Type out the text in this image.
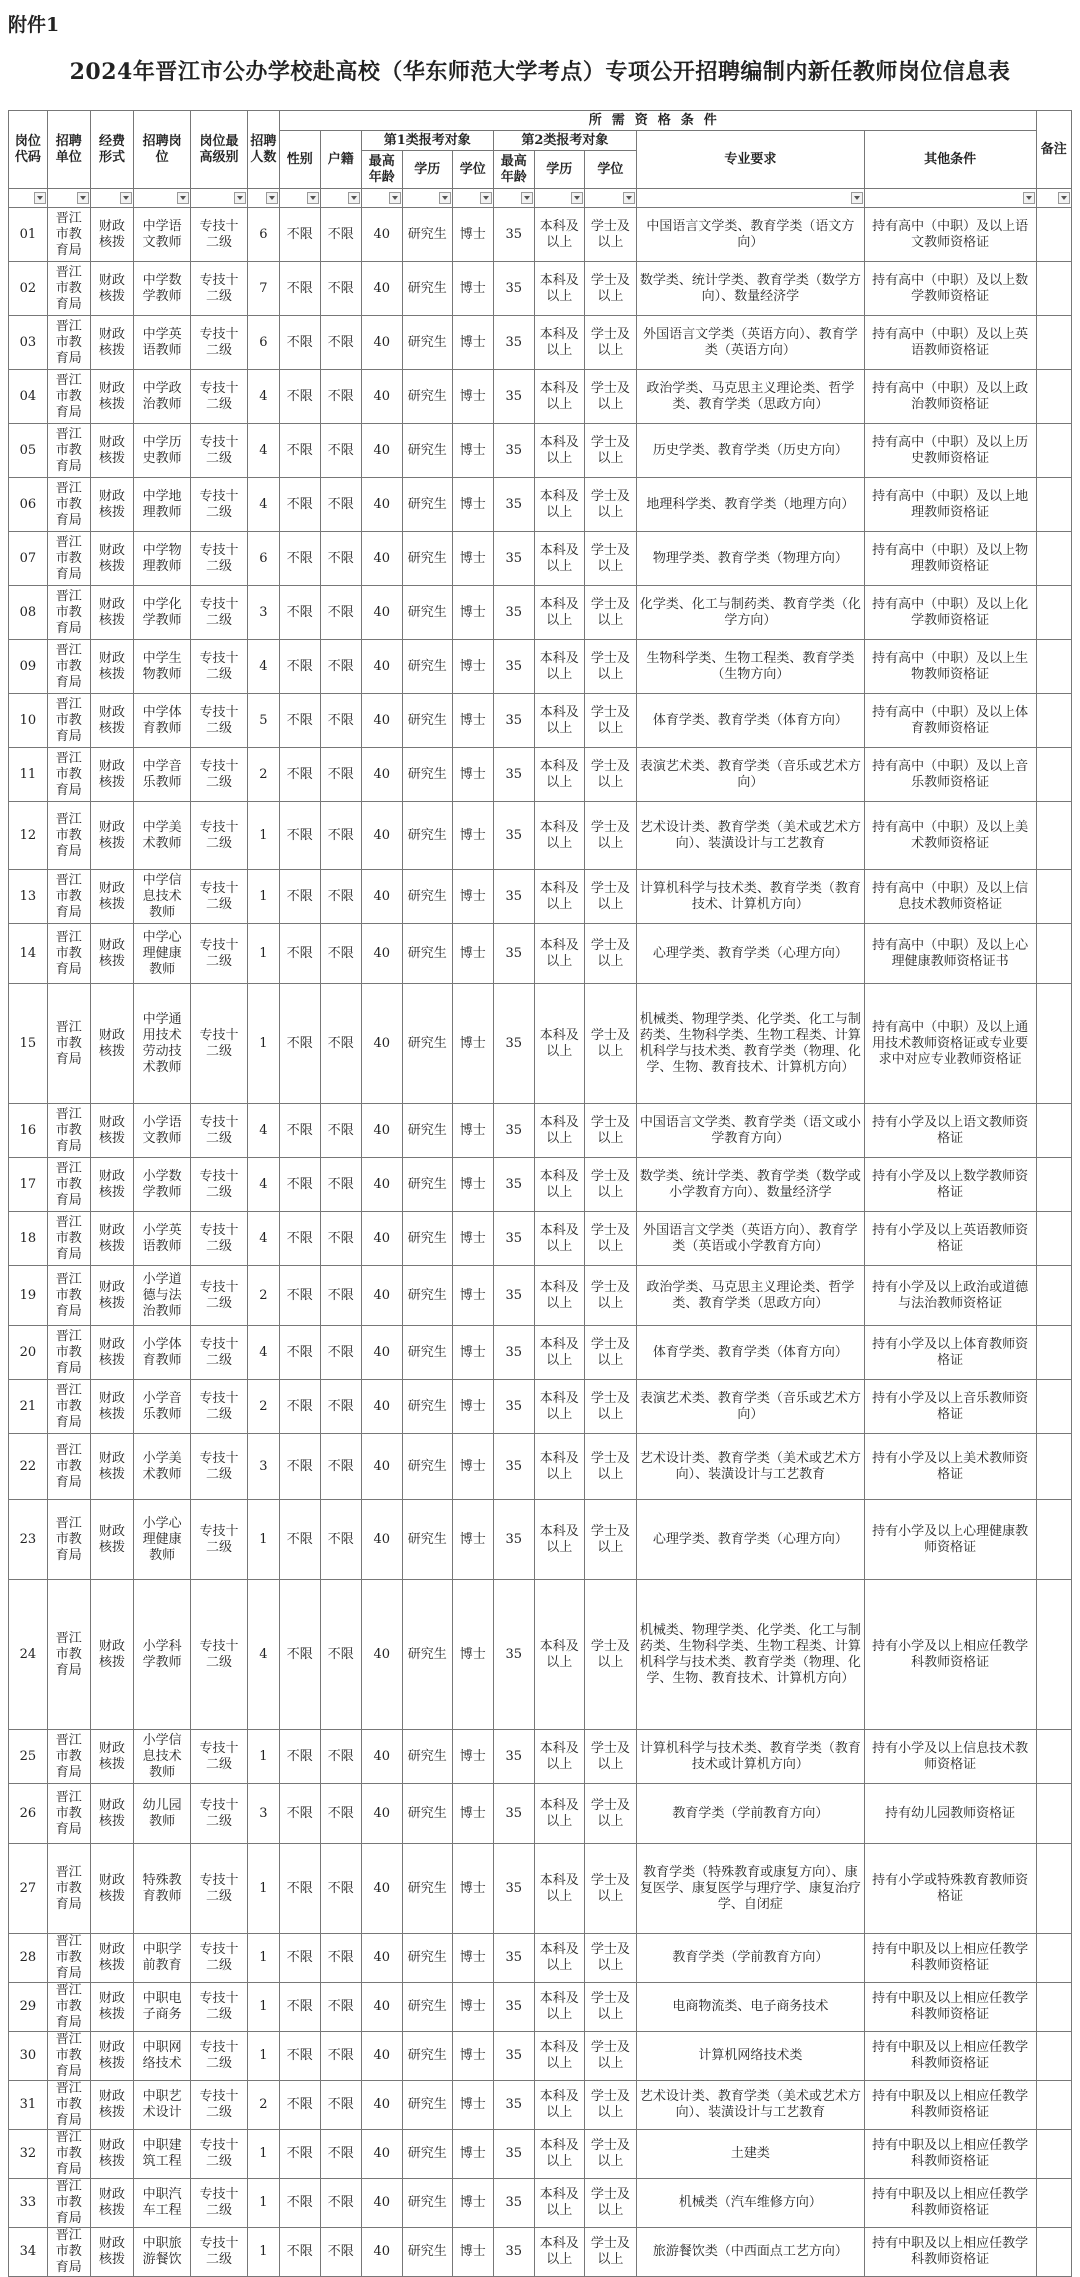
附件1
2024年晋江市公办学校赴高校（华东师范大学考点）专项公开招聘编制内新任教师岗位信息表
岗位代码	招聘单位	经费形式	招聘岗位	岗位最高级别	招聘人数	所需资格条件										备注
						性别	户籍	第1类报考对象			第2类报考对象			专业要求	其他条件	
								最高年龄	学历	学位	最高年龄	学历	学位			

01	晋江市教育局	财政核拨	中学语文教师	专技十二级	6	不限	不限	40	研究生	博士	35	本科及以上	学士及以上	中国语言文学类、教育学类（语文方向）	持有高中（中职）及以上语文教师资格证	
02	晋江市教育局	财政核拨	中学数学教师	专技十二级	7	不限	不限	40	研究生	博士	35	本科及以上	学士及以上	数学类、统计学类、教育学类（数学方向）、数量经济学	持有高中（中职）及以上数学教师资格证	
03	晋江市教育局	财政核拨	中学英语教师	专技十二级	6	不限	不限	40	研究生	博士	35	本科及以上	学士及以上	外国语言文学类（英语方向）、教育学类（英语方向）	持有高中（中职）及以上英语教师资格证	
04	晋江市教育局	财政核拨	中学政治教师	专技十二级	4	不限	不限	40	研究生	博士	35	本科及以上	学士及以上	政治学类、马克思主义理论类、哲学类、教育学类（思政方向）	持有高中（中职）及以上政治教师资格证	
05	晋江市教育局	财政核拨	中学历史教师	专技十二级	4	不限	不限	40	研究生	博士	35	本科及以上	学士及以上	历史学类、教育学类（历史方向）	持有高中（中职）及以上历史教师资格证	
06	晋江市教育局	财政核拨	中学地理教师	专技十二级	4	不限	不限	40	研究生	博士	35	本科及以上	学士及以上	地理科学类、教育学类（地理方向）	持有高中（中职）及以上地理教师资格证	
07	晋江市教育局	财政核拨	中学物理教师	专技十二级	6	不限	不限	40	研究生	博士	35	本科及以上	学士及以上	物理学类、教育学类（物理方向）	持有高中（中职）及以上物理教师资格证	
08	晋江市教育局	财政核拨	中学化学教师	专技十二级	3	不限	不限	40	研究生	博士	35	本科及以上	学士及以上	化学类、化工与制药类、教育学类（化学方向）	持有高中（中职）及以上化学教师资格证	
09	晋江市教育局	财政核拨	中学生物教师	专技十二级	4	不限	不限	40	研究生	博士	35	本科及以上	学士及以上	生物科学类、生物工程类、教育学类（生物方向）	持有高中（中职）及以上生物教师资格证	
10	晋江市教育局	财政核拨	中学体育教师	专技十二级	5	不限	不限	40	研究生	博士	35	本科及以上	学士及以上	体育学类、教育学类（体育方向）	持有高中（中职）及以上体育教师资格证	
11	晋江市教育局	财政核拨	中学音乐教师	专技十二级	2	不限	不限	40	研究生	博士	35	本科及以上	学士及以上	表演艺术类、教育学类（音乐或艺术方向）	持有高中（中职）及以上音乐教师资格证	
12	晋江市教育局	财政核拨	中学美术教师	专技十二级	1	不限	不限	40	研究生	博士	35	本科及以上	学士及以上	艺术设计类、教育学类（美术或艺术方向）、装潢设计与工艺教育	持有高中（中职）及以上美术教师资格证	
13	晋江市教育局	财政核拨	中学信息技术教师	专技十二级	1	不限	不限	40	研究生	博士	35	本科及以上	学士及以上	计算机科学与技术类、教育学类（教育技术、计算机方向）	持有高中（中职）及以上信息技术教师资格证	
14	晋江市教育局	财政核拨	中学心理健康教师	专技十二级	1	不限	不限	40	研究生	博士	35	本科及以上	学士及以上	心理学类、教育学类（心理方向）	持有高中（中职）及以上心理健康教师资格证书	
15	晋江市教育局	财政核拨	中学通用技术劳动技术教师	专技十二级	1	不限	不限	40	研究生	博士	35	本科及以上	学士及以上	机械类、物理学类、化学类、化工与制药类、生物科学类、生物工程类、计算机科学与技术类、教育学类（物理、化学、生物、教育技术、计算机方向）	持有高中（中职）及以上通用技术教师资格证或专业要求中对应专业教师资格证	
16	晋江市教育局	财政核拨	小学语文教师	专技十二级	4	不限	不限	40	研究生	博士	35	本科及以上	学士及以上	中国语言文学类、教育学类（语文或小学教育方向）	持有小学及以上语文教师资格证	
17	晋江市教育局	财政核拨	小学数学教师	专技十二级	4	不限	不限	40	研究生	博士	35	本科及以上	学士及以上	数学类、统计学类、教育学类（数学或小学教育方向）、数量经济学	持有小学及以上数学教师资格证	
18	晋江市教育局	财政核拨	小学英语教师	专技十二级	4	不限	不限	40	研究生	博士	35	本科及以上	学士及以上	外国语言文学类（英语方向）、教育学类（英语或小学教育方向）	持有小学及以上英语教师资格证	
19	晋江市教育局	财政核拨	小学道德与法治教师	专技十二级	2	不限	不限	40	研究生	博士	35	本科及以上	学士及以上	政治学类、马克思主义理论类、哲学类、教育学类（思政方向）	持有小学及以上政治或道德与法治教师资格证	
20	晋江市教育局	财政核拨	小学体育教师	专技十二级	4	不限	不限	40	研究生	博士	35	本科及以上	学士及以上	体育学类、教育学类（体育方向）	持有小学及以上体育教师资格证	
21	晋江市教育局	财政核拨	小学音乐教师	专技十二级	2	不限	不限	40	研究生	博士	35	本科及以上	学士及以上	表演艺术类、教育学类（音乐或艺术方向）	持有小学及以上音乐教师资格证	
22	晋江市教育局	财政核拨	小学美术教师	专技十二级	3	不限	不限	40	研究生	博士	35	本科及以上	学士及以上	艺术设计类、教育学类（美术或艺术方向）、装潢设计与工艺教育	持有小学及以上美术教师资格证	
23	晋江市教育局	财政核拨	小学心理健康教师	专技十二级	1	不限	不限	40	研究生	博士	35	本科及以上	学士及以上	心理学类、教育学类（心理方向）	持有小学及以上心理健康教师资格证	
24	晋江市教育局	财政核拨	小学科学教师	专技十二级	4	不限	不限	40	研究生	博士	35	本科及以上	学士及以上	机械类、物理学类、化学类、化工与制药类、生物科学类、生物工程类、计算机科学与技术类、教育学类（物理、化学、生物、教育技术、计算机方向）	持有小学及以上相应任教学科教师资格证	
25	晋江市教育局	财政核拨	小学信息技术教师	专技十二级	1	不限	不限	40	研究生	博士	35	本科及以上	学士及以上	计算机科学与技术类、教育学类（教育技术或计算机方向）	持有小学及以上信息技术教师资格证	
26	晋江市教育局	财政核拨	幼儿园教师	专技十二级	3	不限	不限	40	研究生	博士	35	本科及以上	学士及以上	教育学类（学前教育方向）	持有幼儿园教师资格证	
27	晋江市教育局	财政核拨	特殊教育教师	专技十二级	1	不限	不限	40	研究生	博士	35	本科及以上	学士及以上	教育学类（特殊教育或康复方向）、康复医学、康复医学与理疗学、康复治疗学、自闭症	持有小学或特殊教育教师资格证	
28	晋江市教育局	财政核拨	中职学前教育	专技十二级	1	不限	不限	40	研究生	博士	35	本科及以上	学士及以上	教育学类（学前教育方向）	持有中职及以上相应任教学科教师资格证	
29	晋江市教育局	财政核拨	中职电子商务	专技十二级	1	不限	不限	40	研究生	博士	35	本科及以上	学士及以上	电商物流类、电子商务技术	持有中职及以上相应任教学科教师资格证	
30	晋江市教育局	财政核拨	中职网络技术	专技十二级	1	不限	不限	40	研究生	博士	35	本科及以上	学士及以上	计算机网络技术类	持有中职及以上相应任教学科教师资格证	
31	晋江市教育局	财政核拨	中职艺术设计	专技十二级	2	不限	不限	40	研究生	博士	35	本科及以上	学士及以上	艺术设计类、教育学类（美术或艺术方向）、装潢设计与工艺教育	持有中职及以上相应任教学科教师资格证	
32	晋江市教育局	财政核拨	中职建筑工程	专技十二级	1	不限	不限	40	研究生	博士	35	本科及以上	学士及以上	土建类	持有中职及以上相应任教学科教师资格证	
33	晋江市教育局	财政核拨	中职汽车工程	专技十二级	1	不限	不限	40	研究生	博士	35	本科及以上	学士及以上	机械类（汽车维修方向）	持有中职及以上相应任教学科教师资格证	
34	晋江市教育局	财政核拨	中职旅游餐饮	专技十二级	1	不限	不限	40	研究生	博士	35	本科及以上	学士及以上	旅游餐饮类（中西面点工艺方向）	持有中职及以上相应任教学科教师资格证	
